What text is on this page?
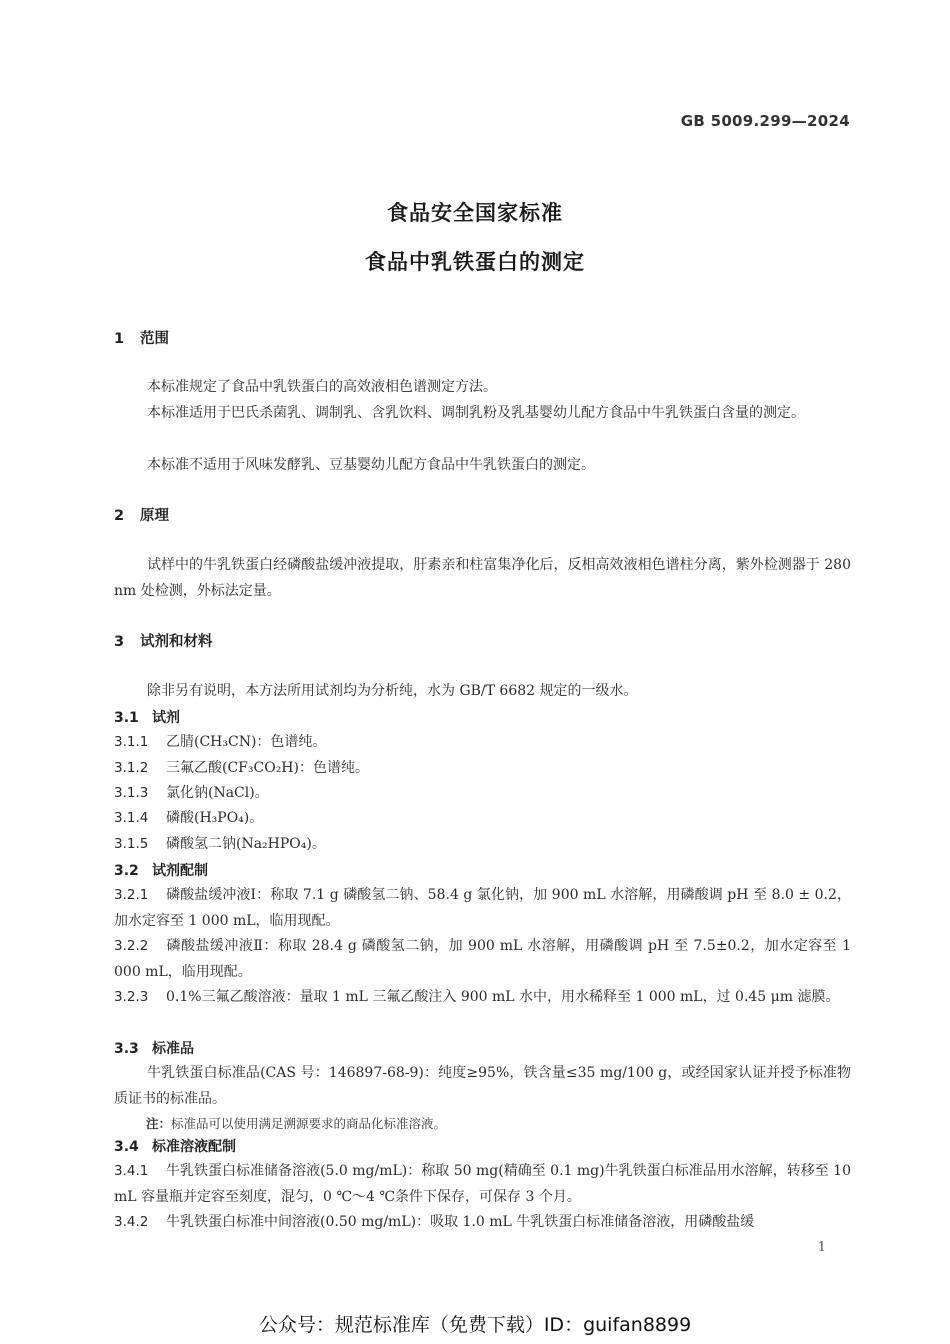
GB 5009.299—2024
食品安全国家标准
食品中乳铁蛋白的测定
1 范围
本标准规定了食品中乳铁蛋白的高效液相色谱测定方法。
本标准适用于巴氏杀菌乳、调制乳、含乳饮料、调制乳粉及乳基婴幼儿配方食品中牛乳铁蛋白含量的测定。
本标准不适用于风味发酵乳、豆基婴幼儿配方食品中牛乳铁蛋白的测定。
2 原理
试样中的牛乳铁蛋白经磷酸盐缓冲液提取，肝素亲和柱富集净化后，反相高效液相色谱柱分离，紫外检测器于 280 nm 处检测，外标法定量。
3 试剂和材料
除非另有说明，本方法所用试剂均为分析纯，水为 GB/T 6682 规定的一级水。
3.1 试剂
3.1.1 乙腈(CH₃CN)：色谱纯。
3.1.2 三氟乙酸(CF₃CO₂H)：色谱纯。
3.1.3 氯化钠(NaCl)。
3.1.4 磷酸(H₃PO₄)。
3.1.5 磷酸氢二钠(Na₂HPO₄)。
3.2 试剂配制
3.2.1 磷酸盐缓冲液Ⅰ：称取 7.1 g 磷酸氢二钠、58.4 g 氯化钠，加 900 mL 水溶解，用磷酸调 pH 至 8.0 ± 0.2，加水定容至 1 000 mL，临用现配。
3.2.2 磷酸盐缓冲液Ⅱ：称取 28.4 g 磷酸氢二钠，加 900 mL 水溶解，用磷酸调 pH 至 7.5±0.2，加水定容至 1 000 mL，临用现配。
3.2.3 0.1%三氟乙酸溶液：量取 1 mL 三氟乙酸注入 900 mL 水中，用水稀释至 1 000 mL，过 0.45 μm 滤膜。
3.3 标准品
牛乳铁蛋白标准品(CAS 号：146897-68-9)：纯度≥95%，铁含量≤35 mg/100 g，或经国家认证并授予标准物质证书的标准品。
注：标准品可以使用满足溯源要求的商品化标准溶液。
3.4 标准溶液配制
3.4.1 牛乳铁蛋白标准储备溶液(5.0 mg/mL)：称取 50 mg(精确至 0.1 mg)牛乳铁蛋白标准品用水溶解，转移至 10 mL 容量瓶并定容至刻度，混匀，0 ℃～4 ℃条件下保存，可保存 3 个月。
3.4.2 牛乳铁蛋白标准中间溶液(0.50 mg/mL)：吸取 1.0 mL 牛乳铁蛋白标准储备溶液，用磷酸盐缓
1
公众号：规范标准库（免费下载）ID：guifan8899
